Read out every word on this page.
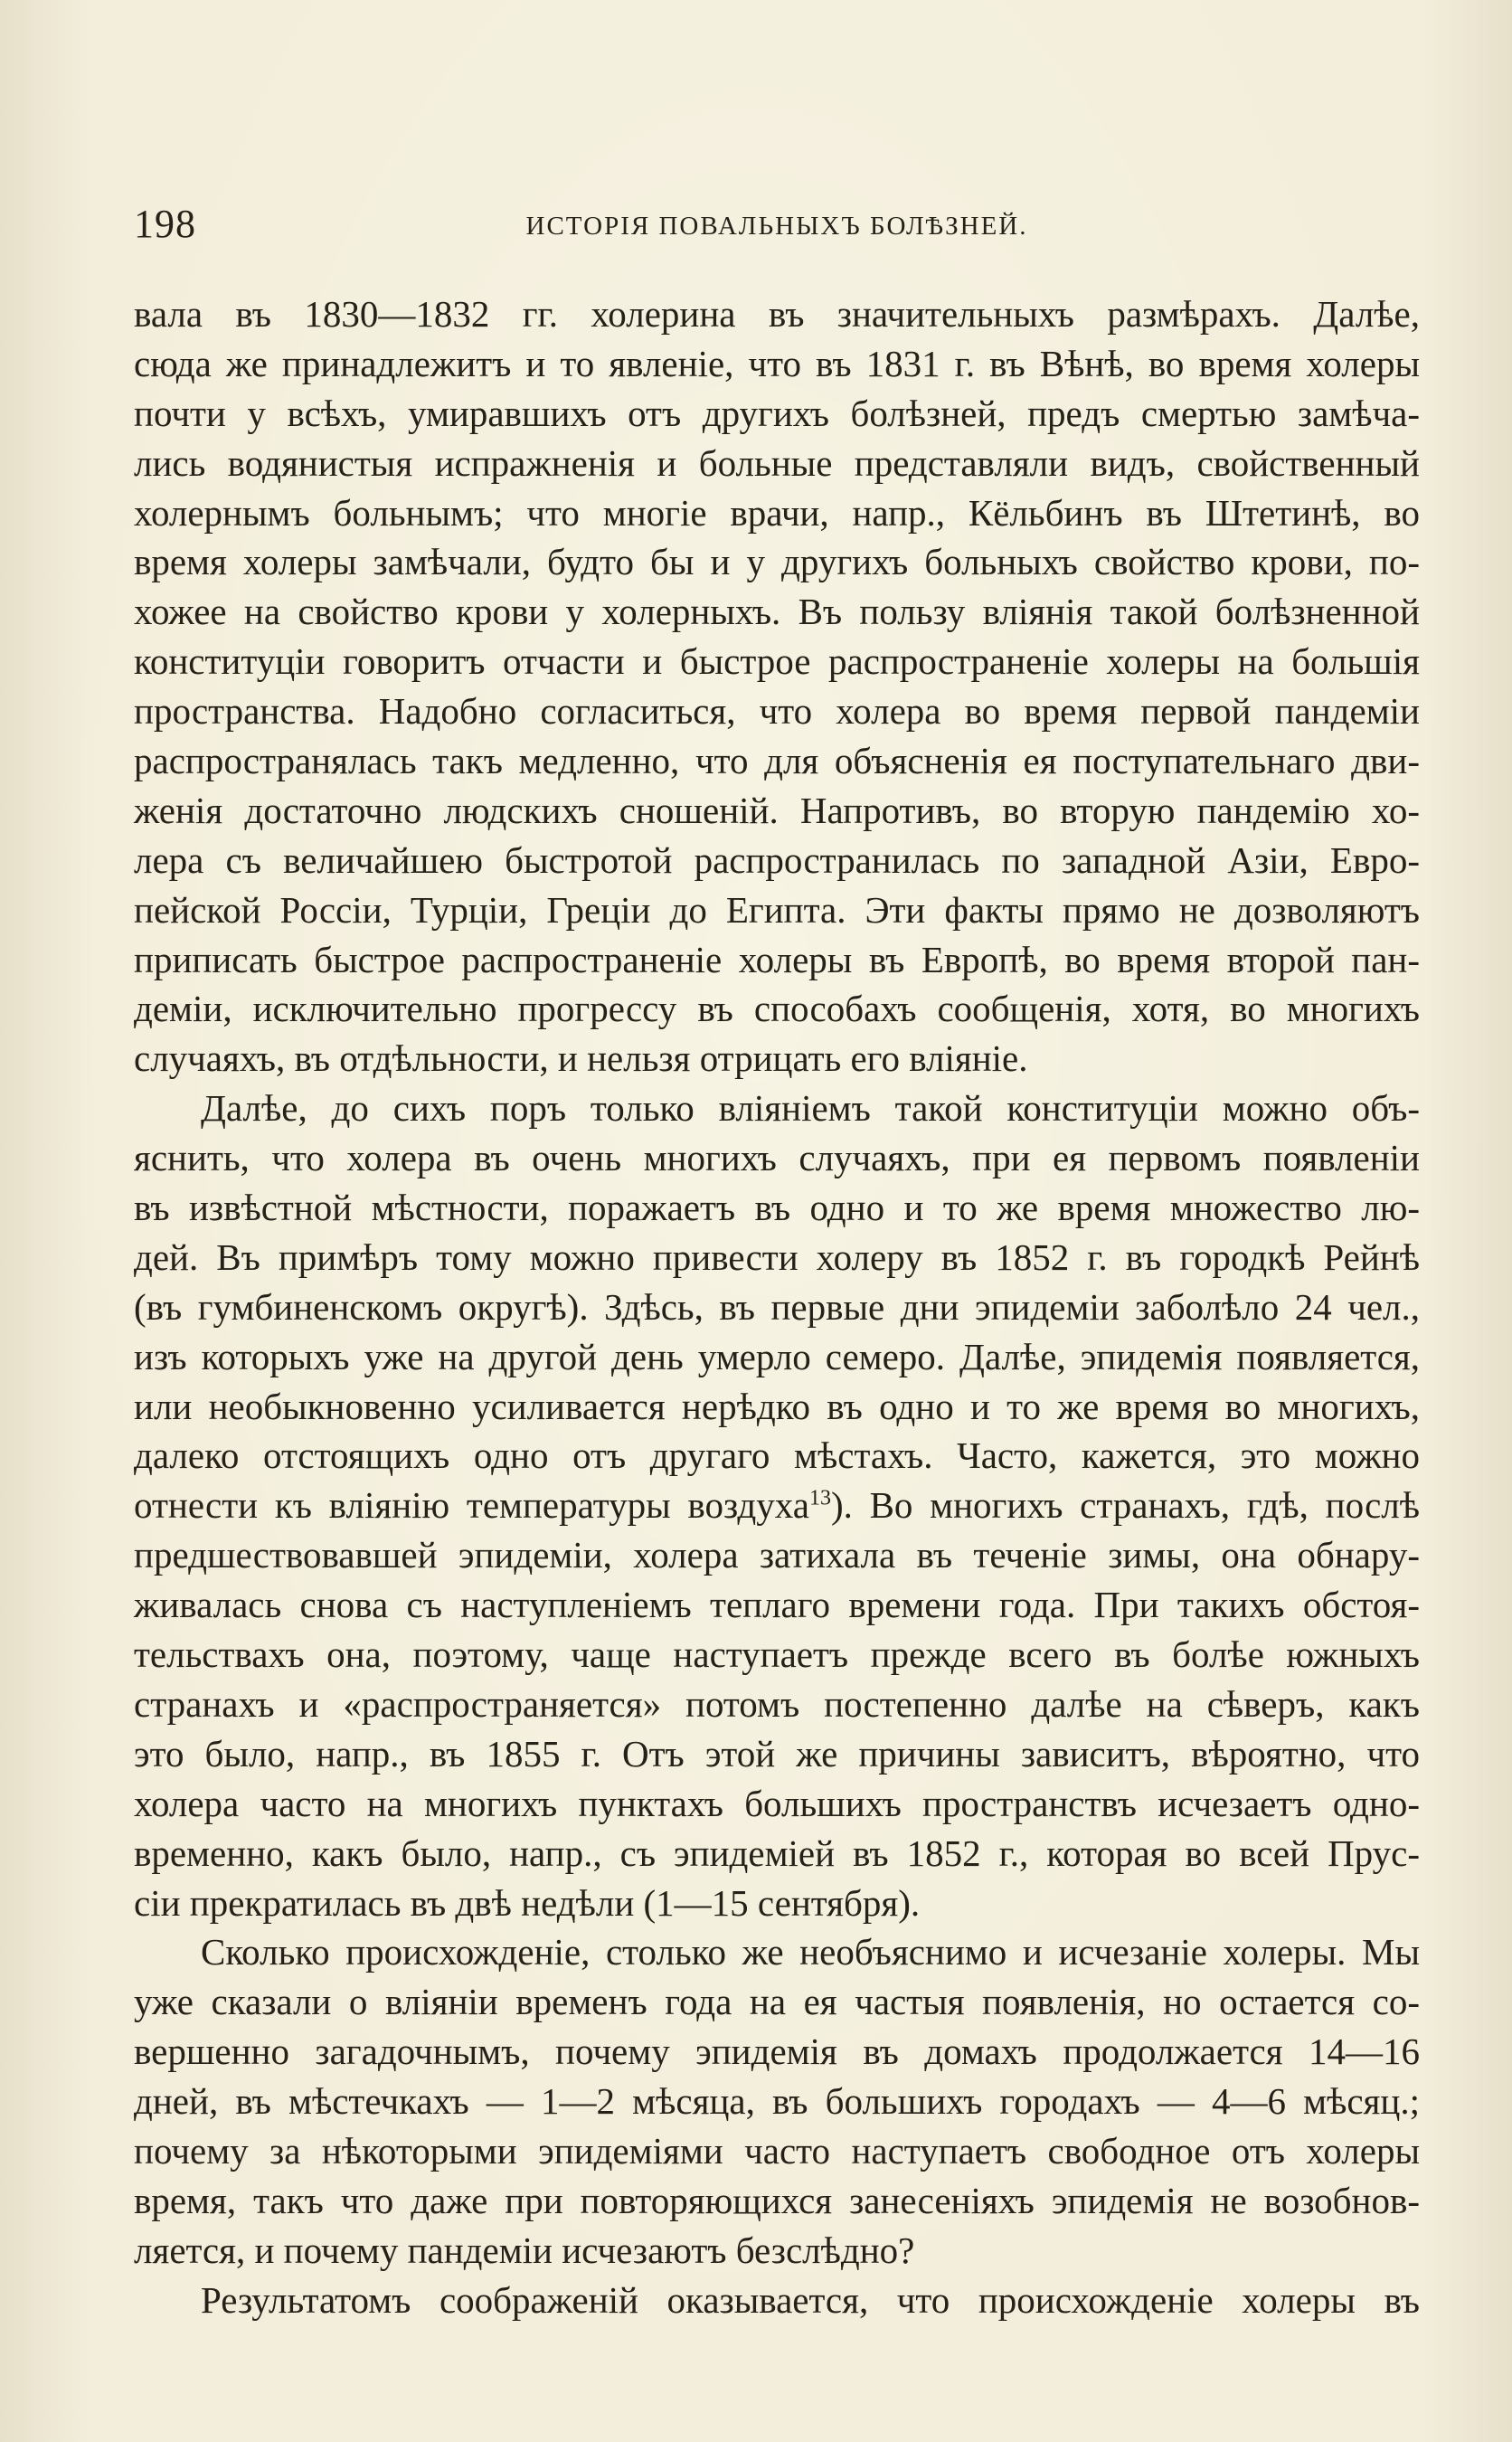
198	ИСТОРІЯ ПОВАЛЬНЫХЪ БОЛѢЗНЕЙ.
вала въ 1830—1832 гг. холерина въ значительныхъ размѣрахъ. Далѣе,
сюда же принадлежитъ и то явленіе, что въ 1831 г. въ Вѣнѣ, во время холеры
почти у всѣхъ, умиравшихъ отъ другихъ болѣзней, предъ смертью замѣча-
лись водянистыя испражненія и больные представляли видъ, свойственный
холернымъ больнымъ; что многіе врачи, напр., Кёльбинъ въ Штетинѣ, во
время холеры замѣчали, будто бы и у другихъ больныхъ свойство крови, по-
хожее на свойство крови у холерныхъ. Въ пользу вліянія такой болѣзненной
конституціи говоритъ отчасти и быстрое распространеніе холеры на большія
пространства. Надобно согласиться, что холера во время первой пандеміи
распространялась такъ медленно, что для объясненія ея поступательнаго дви-
женія достаточно людскихъ сношеній. Напротивъ, во вторую пандемію хо-
лера съ величайшею быстротой распространилась по западной Азіи, Евро-
пейской Россіи, Турціи, Греціи до Египта. Эти факты прямо не дозволяютъ
приписать быстрое распространеніе холеры въ Европѣ, во время второй пан-
деміи, исключительно прогрессу въ способахъ сообщенія, хотя, во многихъ
случаяхъ, въ отдѣльности, и нельзя отрицать его вліяніе.
Далѣе, до сихъ поръ только вліяніемъ такой конституціи можно объ-
яснить, что холера въ очень многихъ случаяхъ, при ея первомъ появленіи
въ извѣстной мѣстности, поражаетъ въ одно и то же время множество лю-
дей. Въ примѣръ тому можно привести холеру въ 1852 г. въ городкѣ Рейнѣ
(въ гумбиненскомъ округѣ). Здѣсь, въ первые дни эпидеміи заболѣло 24 чел.,
изъ которыхъ уже на другой день умерло семеро. Далѣе, эпидемія появляется,
или необыкновенно усиливается нерѣдко въ одно и то же время во многихъ,
далеко отстоящихъ одно отъ другаго мѣстахъ. Часто, кажется, это можно
отнести къ вліянію температуры воздуха$^{13}$). Во многихъ странахъ, гдѣ, послѣ
предшествовавшей эпидеміи, холера затихала въ теченіе зимы, она обнару-
живалась снова съ наступленіемъ теплаго времени года. При такихъ обстоя-
тельствахъ она, поэтому, чаще наступаетъ прежде всего въ болѣе южныхъ
странахъ и «распространяется» потомъ постепенно далѣе на сѣверъ, какъ
это было, напр., въ 1855 г. Отъ этой же причины зависитъ, вѣроятно, что
холера часто на многихъ пунктахъ большихъ пространствъ исчезаетъ одно-
временно, какъ было, напр., съ эпидеміей въ 1852 г., которая во всей Прус-
сіи прекратилась въ двѣ недѣли (1—15 сентября).
Сколько происхожденіе, столько же необъяснимо и исчезаніе холеры. Мы
уже сказали о вліяніи временъ года на ея частыя появленія, но остается со-
вершенно загадочнымъ, почему эпидемія въ домахъ продолжается 14—16
дней, въ мѣстечкахъ — 1—2 мѣсяца, въ большихъ городахъ — 4—6 мѣсяц.;
почему за нѣкоторыми эпидеміями часто наступаетъ свободное отъ холеры
время, такъ что даже при повторяющихся занесеніяхъ эпидемія не возобнов-
ляется, и почему пандеміи исчезаютъ безслѣдно?
Результатомъ соображеній оказывается, что происхожденіе холеры въ
